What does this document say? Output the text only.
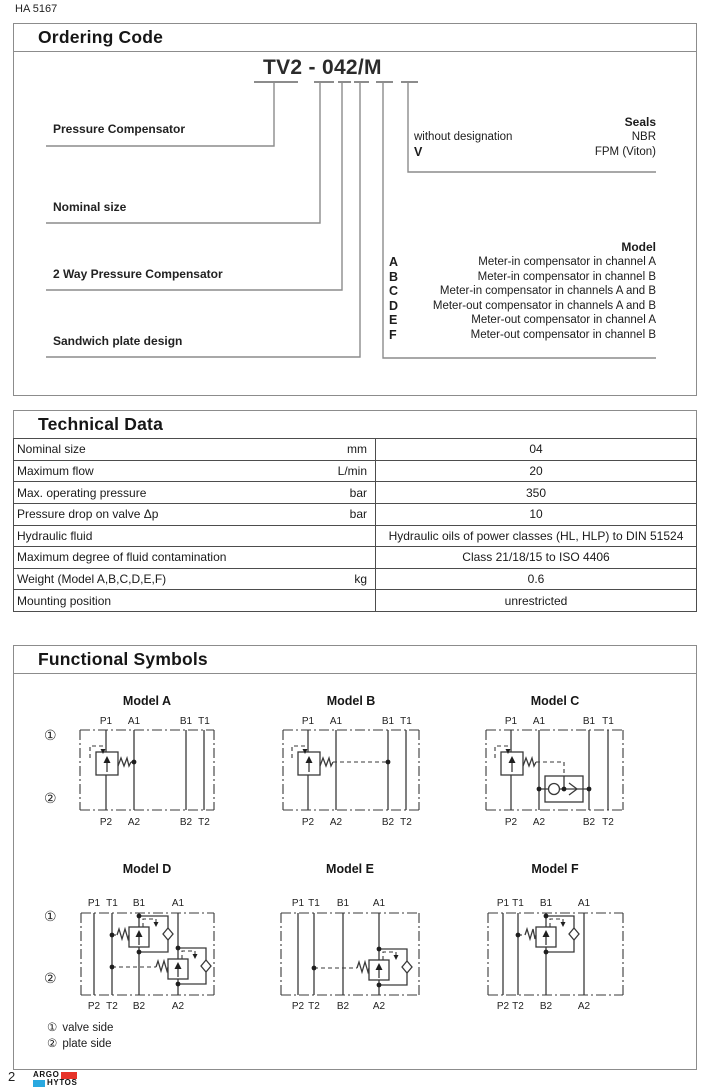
HA 5167
Ordering Code
TV2 - 042/M
Pressure Compensator
Nominal size
2 Way Pressure Compensator
Sandwich plate design
Seals
without designation	NBR
V	FPM (Viton)
Model
A	Meter-in compensator in channel A
B	Meter-in compensator in channel B
C	Meter-in compensator in channels A and B
D	Meter-out compensator in channels A and B
E	Meter-out compensator in channel A
F	Meter-out compensator in channel B
Technical Data
Nominal size	mm	04
Maximum flow	L/min	20
Max. operating pressure	bar	350
Pressure drop on valve Δp	bar	10
Hydraulic fluid	Hydraulic oils of power classes (HL, HLP) to DIN 51524
Maximum degree of fluid contamination	Class 21/18/15 to ISO 4406
Weight (Model A,B,C,D,E,F)	kg	0.6
Mounting position	unrestricted
Functional Symbols
①
②
①
②
Model A
P1 A1	B1 T1
P2 A2	B2 T2
Model B
P1 A1	B1 T1
P2 A2	B2 T2
Model C
P1 A1	B1 T1
P2 A2	B2 T2
Model D
P1 T1 B1	A1
P2 T2 B2	A2
Model E
P1 T1 B1 A1
P2 T2 B2 A2
Model F
P1 T1 B1	A1
P2 T2 B2	A2
① valve side
② plate side
2 ARGO
HYTOS
